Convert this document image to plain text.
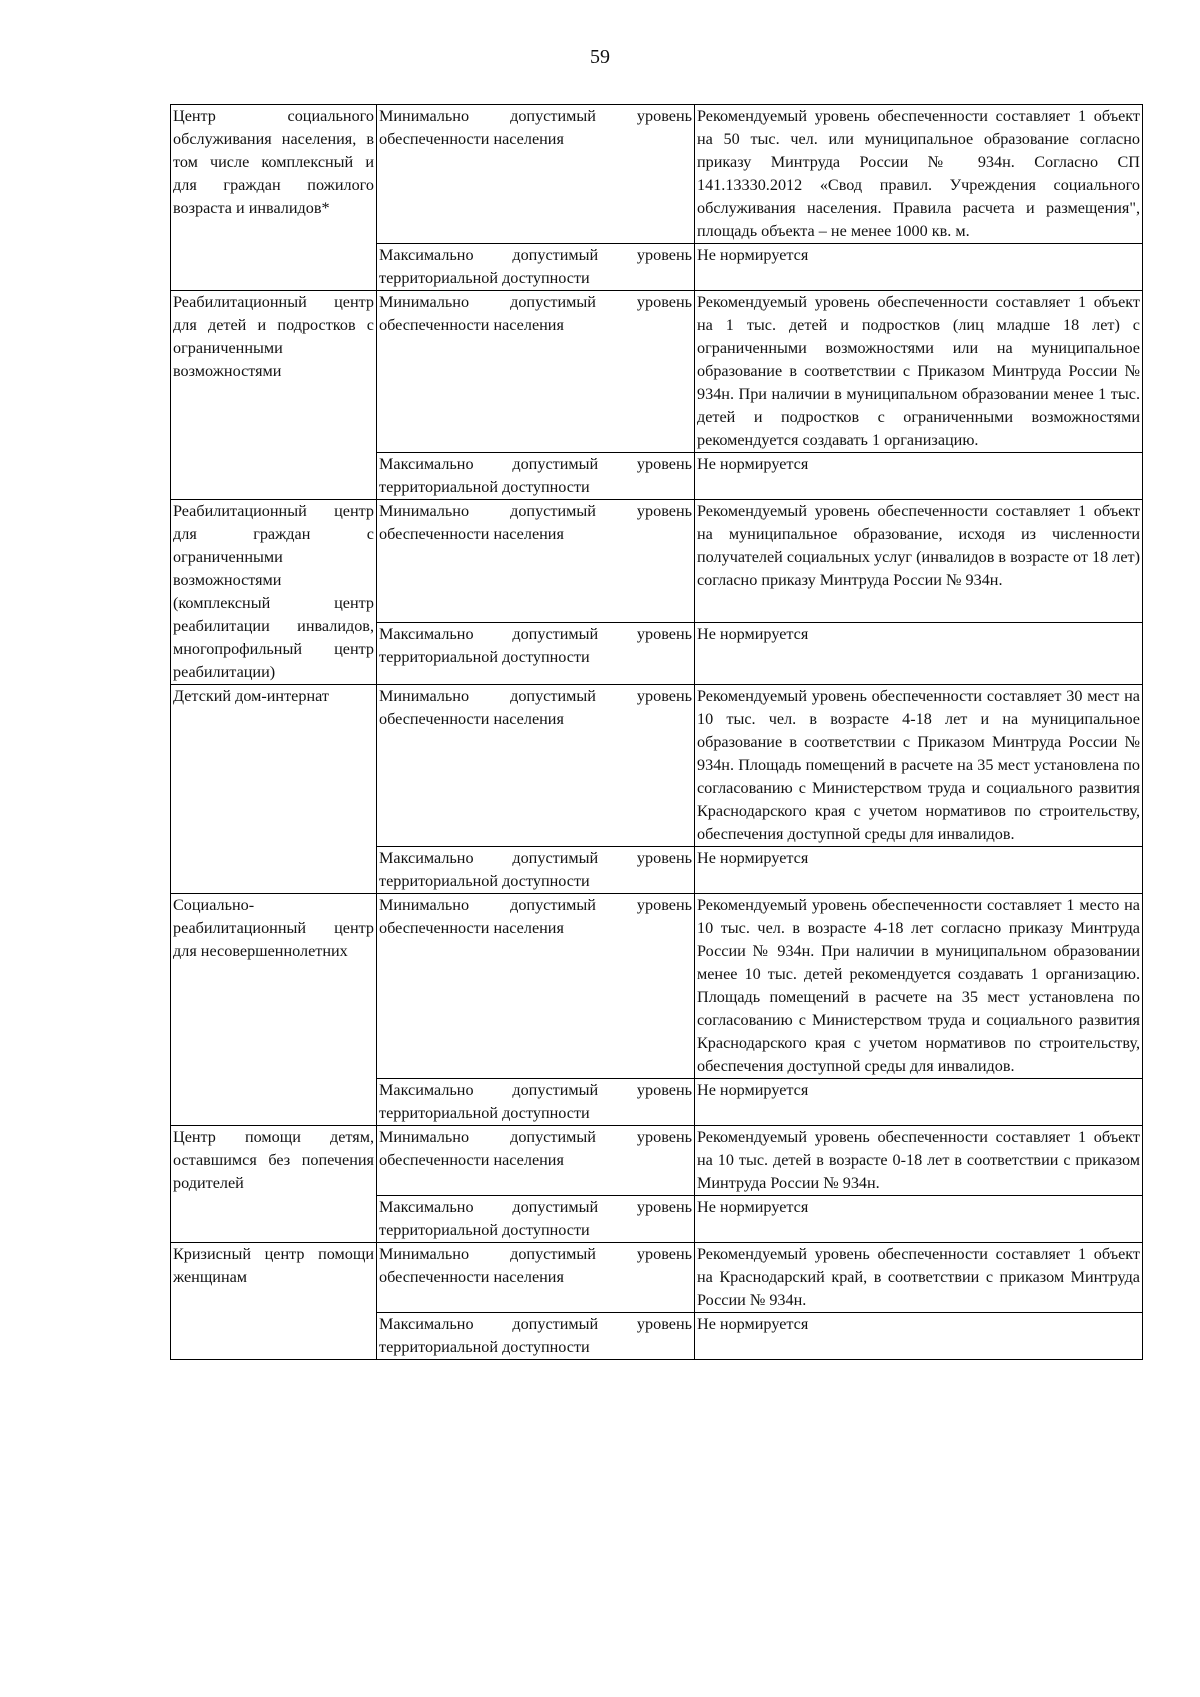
59
Центр социального обслуживания населения, в том числе комплексный и для граждан пожилого возраста и инвалидов*	Минимально допустимый уровень обеспеченности населения	Рекомендуемый уровень обеспеченности составляет 1 объект на 50 тыс. чел. или муниципальное образование согласно приказу Минтруда России № 934н. Согласно СП 141.13330.2012 «Свод правил. Учреждения социального обслуживания населения. Правила расчета и размещения", площадь объекта – не менее 1000 кв. м.
	Максимально допустимый уровень территориальной доступности	Не нормируется
Реабилитационный центр для детей и подростков с ограниченными возможностями	Минимально допустимый уровень обеспеченности населения	Рекомендуемый уровень обеспеченности составляет 1 объект на 1 тыс. детей и подростков (лиц младше 18 лет) с ограниченными возможностями или на муниципальное образование в соответствии с Приказом Минтруда России № 934н. При наличии в муниципальном образовании менее 1 тыс. детей и подростков с ограниченными возможностями рекомендуется создавать 1 организацию.
	Максимально допустимый уровень территориальной доступности	Не нормируется
Реабилитационный центр для граждан с ограниченными возможностями (комплексный центр реабилитации инвалидов, многопрофильный центр реабилитации)	Минимально допустимый уровень обеспеченности населения	Рекомендуемый уровень обеспеченности составляет 1 объект на муниципальное образование, исходя из численности получателей социальных услуг (инвалидов в возрасте от 18 лет) согласно приказу Минтруда России № 934н.
	Максимально допустимый уровень территориальной доступности	Не нормируется
Детский дом-интернат	Минимально допустимый уровень обеспеченности населения	Рекомендуемый уровень обеспеченности составляет 30 мест на 10 тыс. чел. в возрасте 4-18 лет и на муниципальное образование в соответствии с Приказом Минтруда России № 934н. Площадь помещений в расчете на 35 мест установлена по согласованию с Министерством труда и социального развития Краснодарского края с учетом нормативов по строительству, обеспечения доступной среды для инвалидов.
	Максимально допустимый уровень территориальной доступности	Не нормируется
Социально-реабилитационный центр для несовершеннолетних	Минимально допустимый уровень обеспеченности населения	Рекомендуемый уровень обеспеченности составляет 1 место на 10 тыс. чел. в возрасте 4-18 лет согласно приказу Минтруда России № 934н. При наличии в муниципальном образовании менее 10 тыс. детей рекомендуется создавать 1 организацию. Площадь помещений в расчете на 35 мест установлена по согласованию с Министерством труда и социального развития Краснодарского края с учетом нормативов по строительству, обеспечения доступной среды для инвалидов.
	Максимально допустимый уровень территориальной доступности	Не нормируется
Центр помощи детям, оставшимся без попечения родителей	Минимально допустимый уровень обеспеченности населения	Рекомендуемый уровень обеспеченности составляет 1 объект на 10 тыс. детей в возрасте 0-18 лет в соответствии с приказом Минтруда России № 934н.
	Максимально допустимый уровень территориальной доступности	Не нормируется
Кризисный центр помощи женщинам	Минимально допустимый уровень обеспеченности населения	Рекомендуемый уровень обеспеченности составляет 1 объект на Краснодарский край, в соответствии с приказом Минтруда России № 934н.
	Максимально допустимый уровень территориальной доступности	Не нормируется
